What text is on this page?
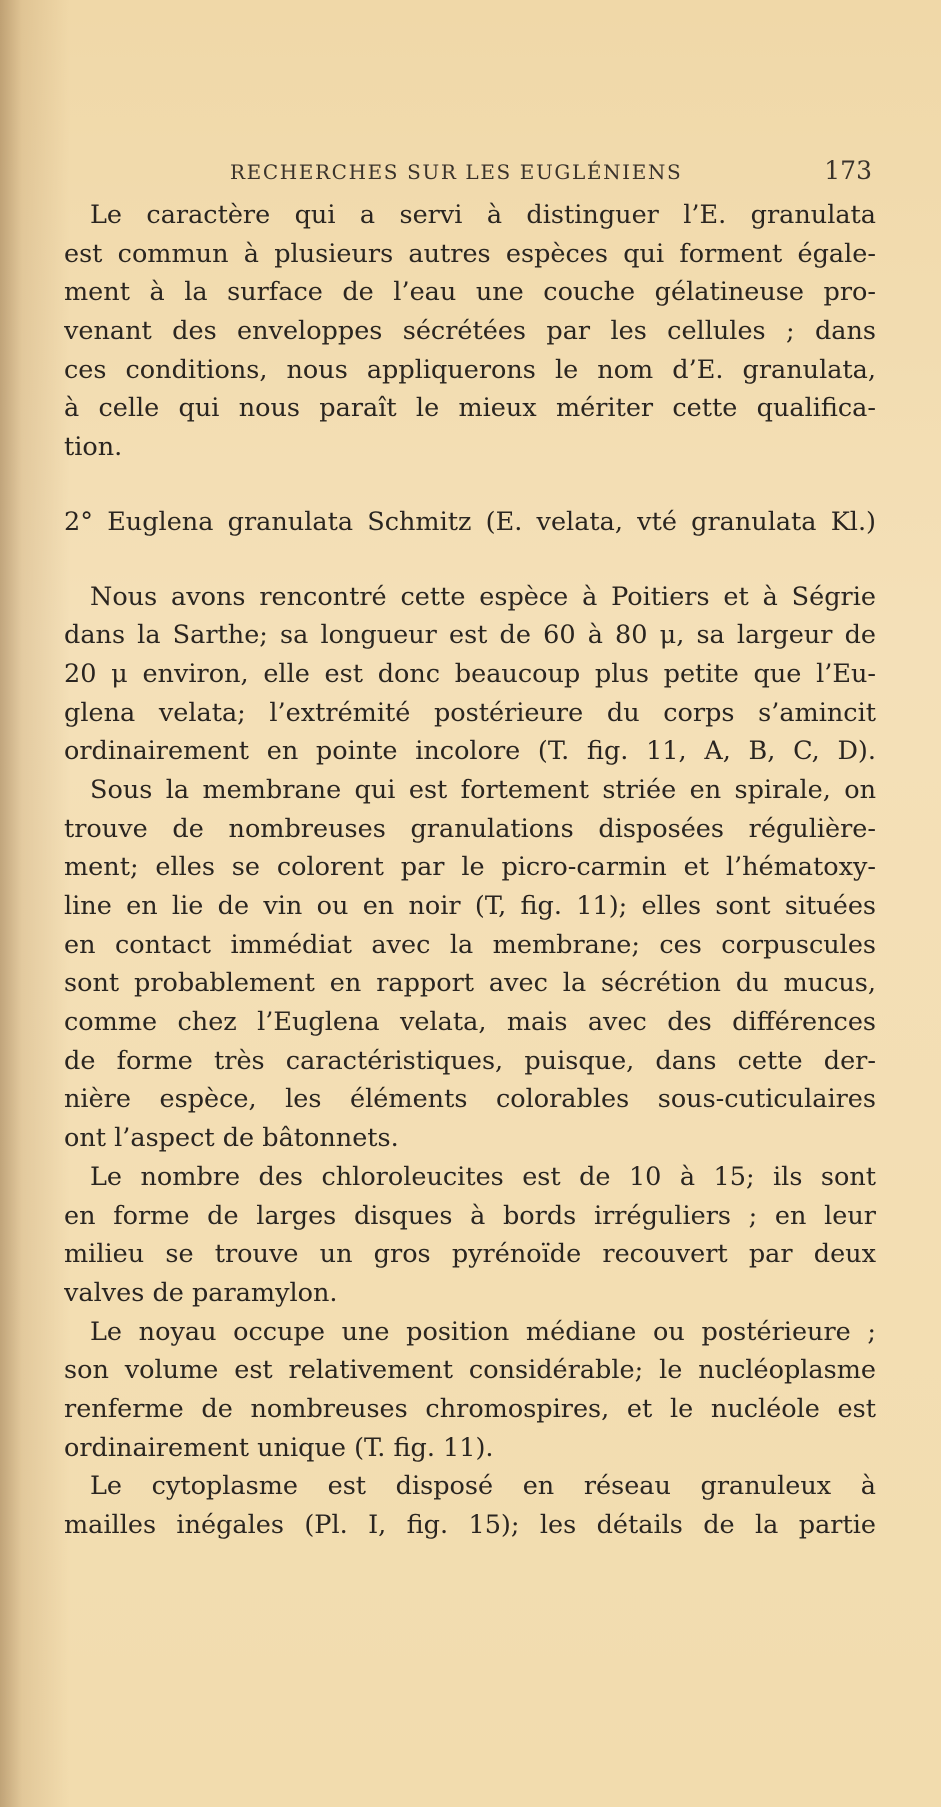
RECHERCHES SUR LES EUGLÉNIENS	173
Le caractère qui a servi à distinguer l’E. granulata
est commun à plusieurs autres espèces qui forment égale-
ment à la surface de l’eau une couche gélatineuse pro-
venant des enveloppes sécrétées par les cellules ; dans
ces conditions, nous appliquerons le nom d’E. granulata,
à celle qui nous paraît le mieux mériter cette qualifica-
tion.
2° Euglena granulata Schmitz (E. velata, vté granulata Kl.)
Nous avons rencontré cette espèce à Poitiers et à Ségrie
dans la Sarthe; sa longueur est de 60 à 80 μ, sa largeur de
20 μ environ, elle est donc beaucoup plus petite que l’Eu-
glena velata; l’extrémité postérieure du corps s’amincit
ordinairement en pointe incolore (T. fig. 11, A, B, C, D).
Sous la membrane qui est fortement striée en spirale, on
trouve de nombreuses granulations disposées régulière-
ment; elles se colorent par le picro-carmin et l’hématoxy-
line en lie de vin ou en noir (T, fig. 11); elles sont situées
en contact immédiat avec la membrane; ces corpuscules
sont probablement en rapport avec la sécrétion du mucus,
comme chez l’Euglena velata, mais avec des différences
de forme très caractéristiques, puisque, dans cette der-
nière espèce, les éléments colorables sous-cuticulaires
ont l’aspect de bâtonnets.
Le nombre des chloroleucites est de 10 à 15; ils sont
en forme de larges disques à bords irréguliers ; en leur
milieu se trouve un gros pyrénoïde recouvert par deux
valves de paramylon.
Le noyau occupe une position médiane ou postérieure ;
son volume est relativement considérable; le nucléoplasme
renferme de nombreuses chromospires, et le nucléole est
ordinairement unique (T. fig. 11).
Le cytoplasme est disposé en réseau granuleux à
mailles inégales (Pl. I, fig. 15); les détails de la partie
